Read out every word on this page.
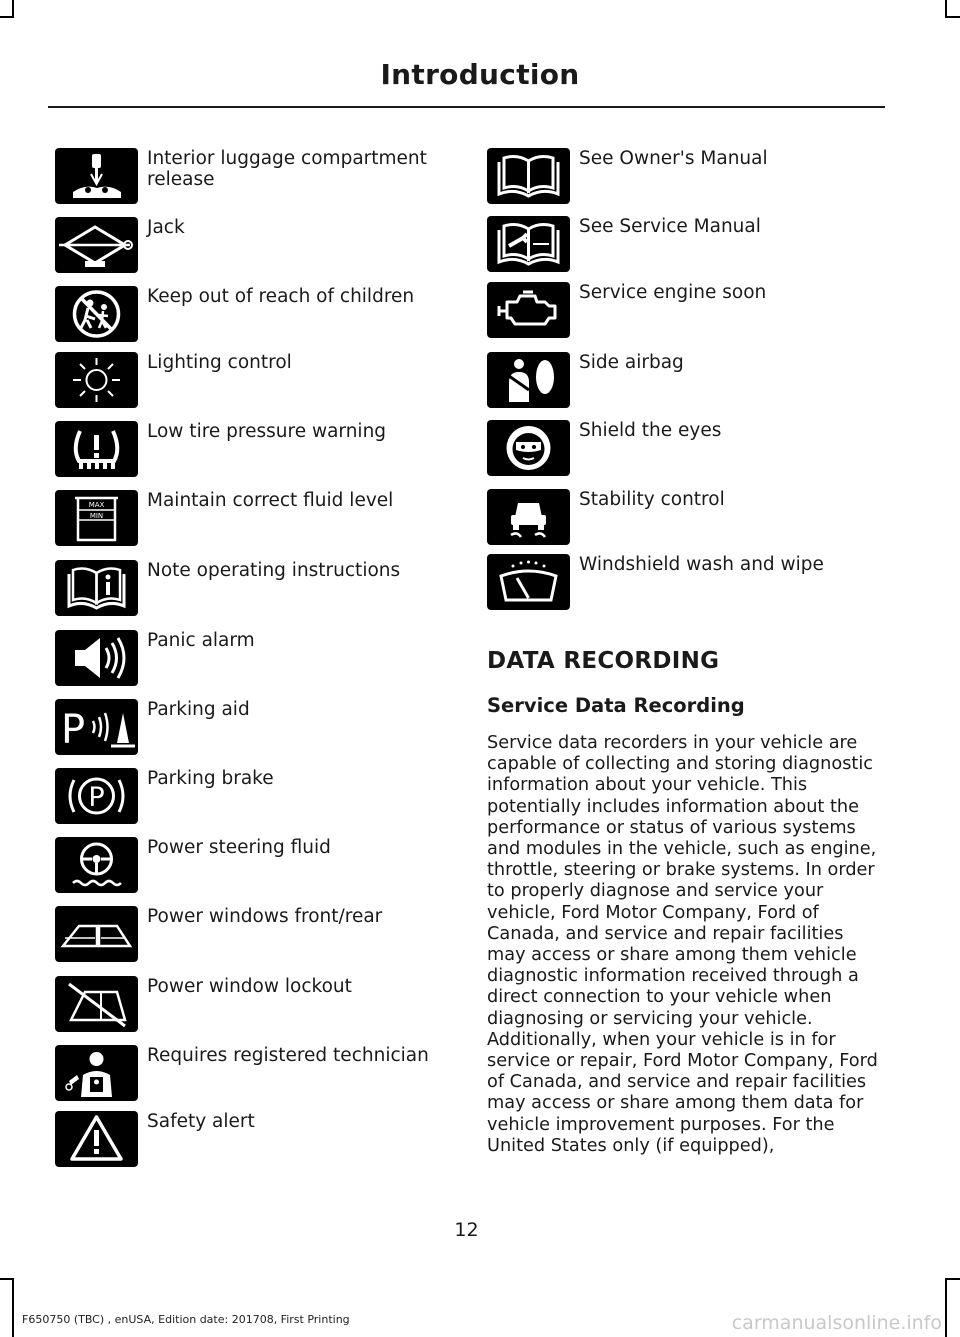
Introduction
Interior luggage compartment release
Jack
Keep out of reach of children
Lighting control
Low tire pressure warning
MAX
MIN
Maintain correct fluid level
Note operating instructions
Panic alarm
P	Parking aid
P
Parking brake
Power steering fluid
Power windows front/rear
Power window lockout
Requires registered technician
Safety alert
See Owner's Manual
See Service Manual
Service engine soon
Side airbag
Shield the eyes
Stability control
Windshield wash and wipe
DATA RECORDING
Service Data Recording

Service data recorders in your vehicle are capable of collecting and storing diagnostic information about your vehicle. This potentially includes information about the performance or status of various systems and modules in the vehicle, such as engine, throttle, steering or brake systems. In order to properly diagnose and service your vehicle, Ford Motor Company, Ford of Canada, and service and repair facilities may access or share among them vehicle diagnostic information received through a direct connection to your vehicle when diagnosing or servicing your vehicle. Additionally, when your vehicle is in for service or repair, Ford Motor Company, Ford of Canada, and service and repair facilities may access or share among them data for vehicle improvement purposes. For the United States only (if equipped),

12
F650750 (TBC) , enUSA, Edition date: 201708, First Printing	carmanualsonline.info
